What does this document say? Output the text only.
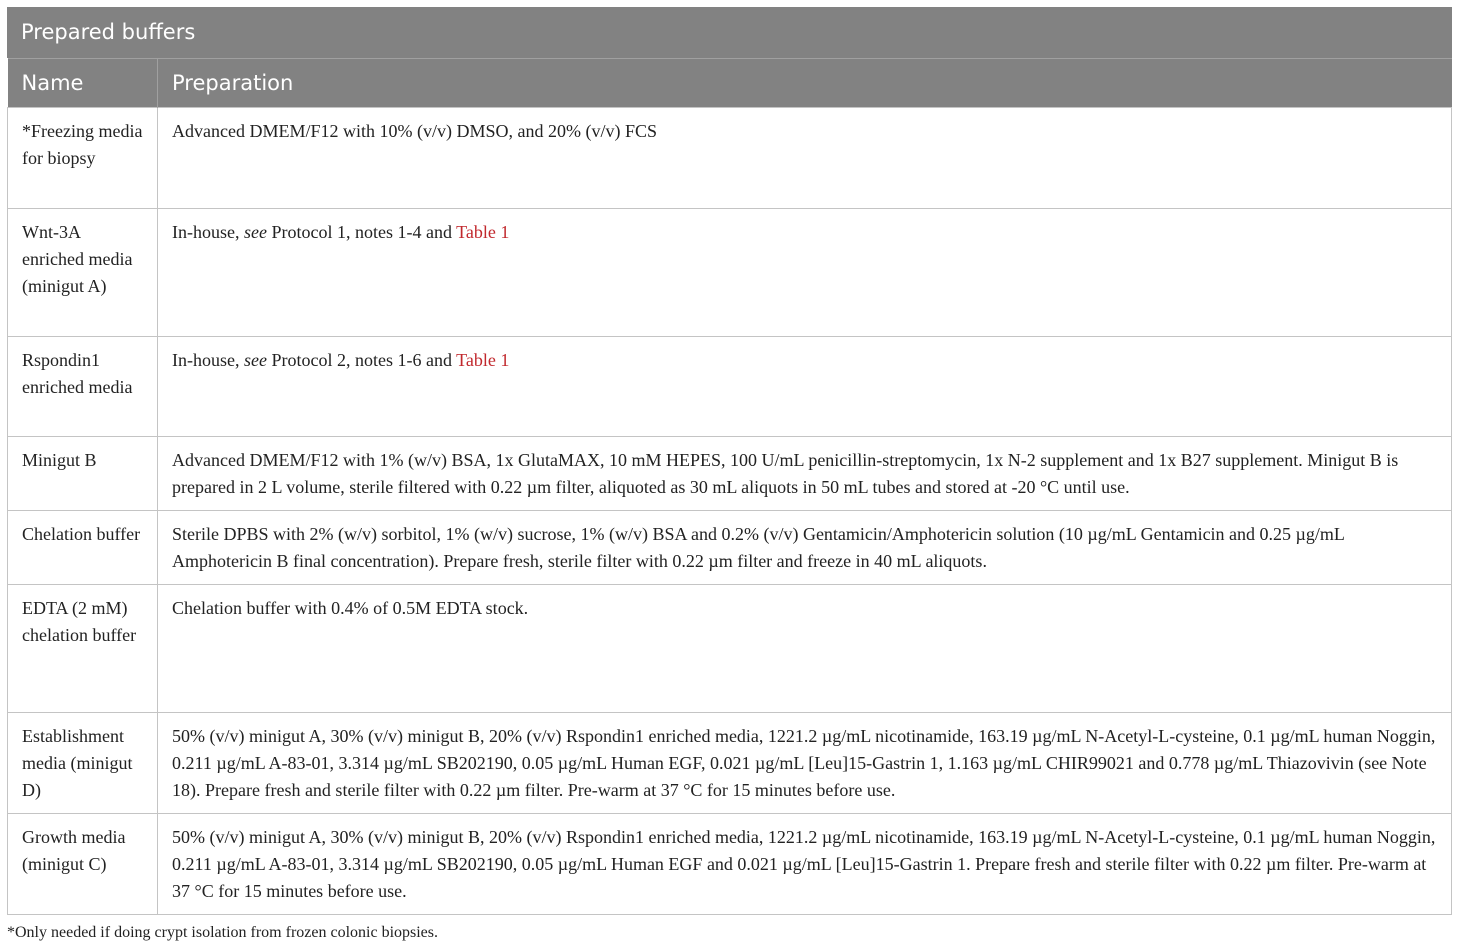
Prepared buffers
Name	Preparation
*Freezing media for biopsy	Advanced DMEM/F12 with 10% (v/v) DMSO, and 20% (v/v) FCS
Wnt-3A enriched media (minigut A)	In-house, see Protocol 1, notes 1-4 and Table 1
Rspondin1 enriched media	In-house, see Protocol 2, notes 1-6 and Table 1
Minigut B	Advanced DMEM/F12 with 1% (w/v) BSA, 1x GlutaMAX, 10 mM HEPES, 100 U/mL penicillin-streptomycin, 1x N-2 supplement and 1x B27 supplement. Minigut B is prepared in 2 L volume, sterile filtered with 0.22 µm filter, aliquoted as 30 mL aliquots in 50 mL tubes and stored at -20 °C until use.
Chelation buffer	Sterile DPBS with 2% (w/v) sorbitol, 1% (w/v) sucrose, 1% (w/v) BSA and 0.2% (v/v) Gentamicin/Amphotericin solution (10 µg/mL Gentamicin and 0.25 µg/mL Amphotericin B final concentration). Prepare fresh, sterile filter with 0.22 µm filter and freeze in 40 mL aliquots.
EDTA (2 mM) chelation buffer	Chelation buffer with 0.4% of 0.5M EDTA stock.
Establishment media (minigut D)	50% (v/v) minigut A, 30% (v/v) minigut B, 20% (v/v) Rspondin1 enriched media, 1221.2 µg/mL nicotinamide, 163.19 µg/mL N-Acetyl-L-cysteine, 0.1 µg/mL human Noggin, 0.211 µg/mL A-83-01, 3.314 µg/mL SB202190, 0.05 µg/mL Human EGF, 0.021 µg/mL [Leu]15-Gastrin 1, 1.163 µg/mL CHIR99021 and 0.778 µg/mL Thiazovivin (see Note 18). Prepare fresh and sterile filter with 0.22 µm filter. Pre-warm at 37 °C for 15 minutes before use.
Growth media (minigut C)	50% (v/v) minigut A, 30% (v/v) minigut B, 20% (v/v) Rspondin1 enriched media, 1221.2 µg/mL nicotinamide, 163.19 µg/mL N-Acetyl-L-cysteine, 0.1 µg/mL human Noggin, 0.211 µg/mL A-83-01, 3.314 µg/mL SB202190, 0.05 µg/mL Human EGF and 0.021 µg/mL [Leu]15-Gastrin 1. Prepare fresh and sterile filter with 0.22 µm filter. Pre-warm at 37 °C for 15 minutes before use.
*Only needed if doing crypt isolation from frozen colonic biopsies.
